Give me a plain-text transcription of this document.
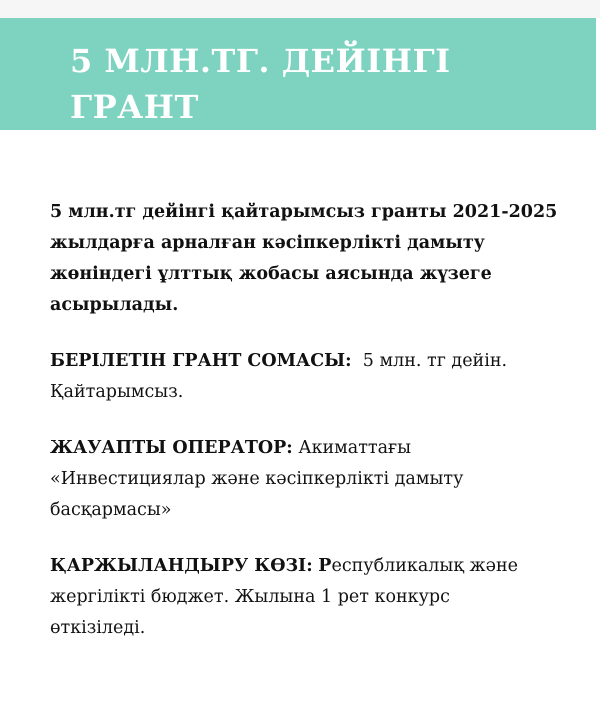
5 МЛН.ТГ. ДЕЙІНГІ ГРАНТ
АЛУ ЖОЛДАРЫ

5 млн.тг дейінгі қайтарымсыз гранты 2021-2025
жылдарға арналған кәсіпкерлікті дамыту
жөніндегі ұлттық жобасы аясында жүзеге
асырылады.

БЕРІЛЕТІН ГРАНТ СОМАСЫ: 5 млн. тг дейін.
Қайтарымсыз.

ЖАУАПТЫ ОПЕРАТОР: Акиматтағы
«Инвестициялар және кәсіпкерлікті дамыту
басқармасы»

ҚАРЖЫЛАНДЫРУ КӨЗІ: Республикалық және
жергілікті бюджет. Жылына 1 рет конкурс
өткізіледі.
